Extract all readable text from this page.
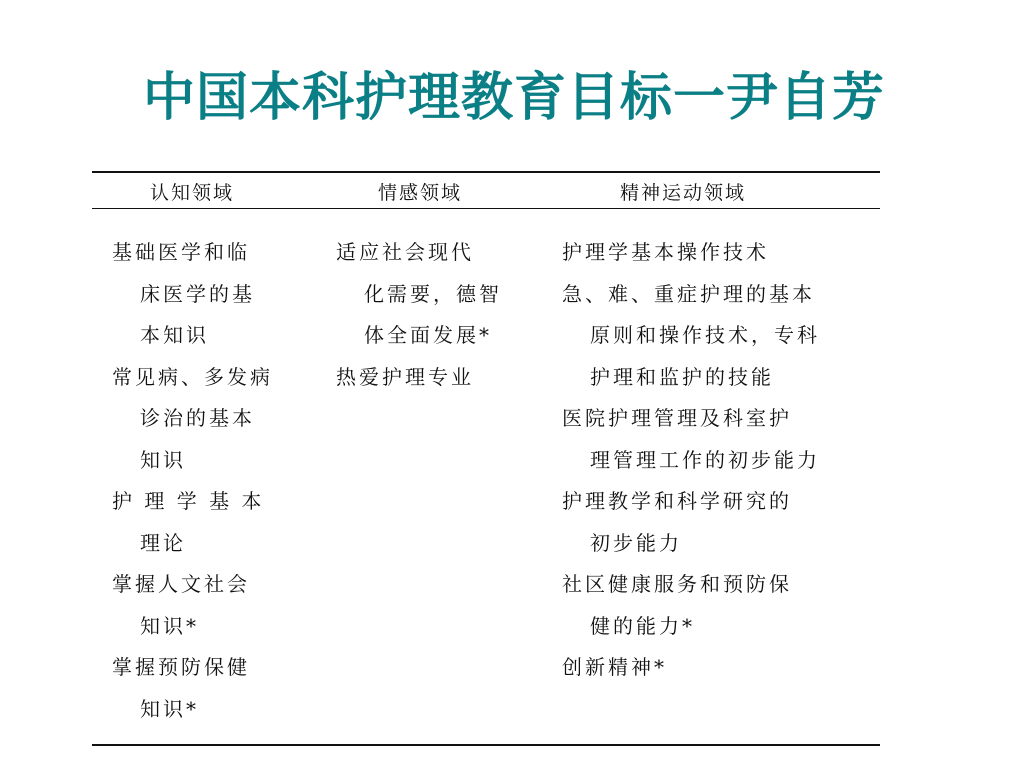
中国本科护理教育目标一尹自芳
认知领域	情感领域	精神运动领域
基础医学和临
床医学的基
本知识
常见病、多发病
诊治的基本
知识
护 理 学 基 本
理论
掌握人文社会
知识*
掌握预防保健
知识*
适应社会现代
化需要，德智
体全面发展*
热爱护理专业
护理学基本操作技术
急、难、重症护理的基本
原则和操作技术，专科
护理和监护的技能
医院护理管理及科室护
理管理工作的初步能力
护理教学和科学研究的
初步能力
社区健康服务和预防保
健的能力*
创新精神*
